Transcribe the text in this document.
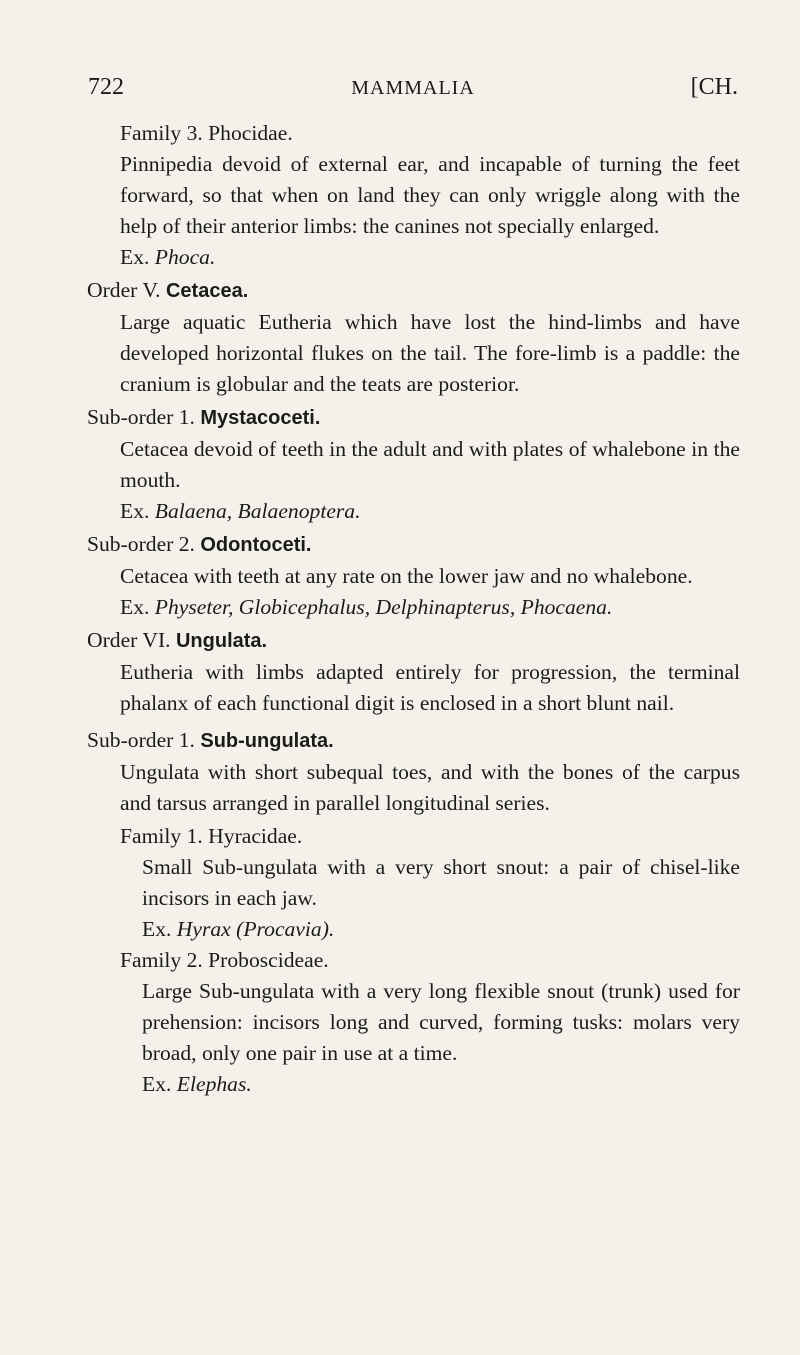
722	MAMMALIA	[CH.

Family 3. Phocidae.

Pinnipedia devoid of external ear, and incapable of turning the feet forward, so that when on land they can only wriggle along with the help of their anterior limbs: the canines not specially enlarged.

Ex. Phoca.

Order V. Cetacea.

Large aquatic Eutheria which have lost the hind-limbs and have developed horizontal flukes on the tail. The fore-limb is a paddle: the cranium is globular and the teats are posterior.

Sub-order 1. Mystacoceti.

Cetacea devoid of teeth in the adult and with plates of whalebone in the mouth.

Ex. Balaena, Balaenoptera.

Sub-order 2. Odontoceti.

Cetacea with teeth at any rate on the lower jaw and no whalebone.

Ex. Physeter, Globicephalus, Delphinapterus, Phocaena.

Order VI. Ungulata.

Eutheria with limbs adapted entirely for progression, the terminal phalanx of each functional digit is enclosed in a short blunt nail.

Sub-order 1. Sub-ungulata.

Ungulata with short subequal toes, and with the bones of the carpus and tarsus arranged in parallel longitudinal series.

Family 1. Hyracidae.

Small Sub-ungulata with a very short snout: a pair of chisel-like incisors in each jaw.

Ex. Hyrax (Procavia).

Family 2. Proboscideae.

Large Sub-ungulata with a very long flexible snout (trunk) used for prehension: incisors long and curved, forming tusks: molars very broad, only one pair in use at a time.

Ex. Elephas.
